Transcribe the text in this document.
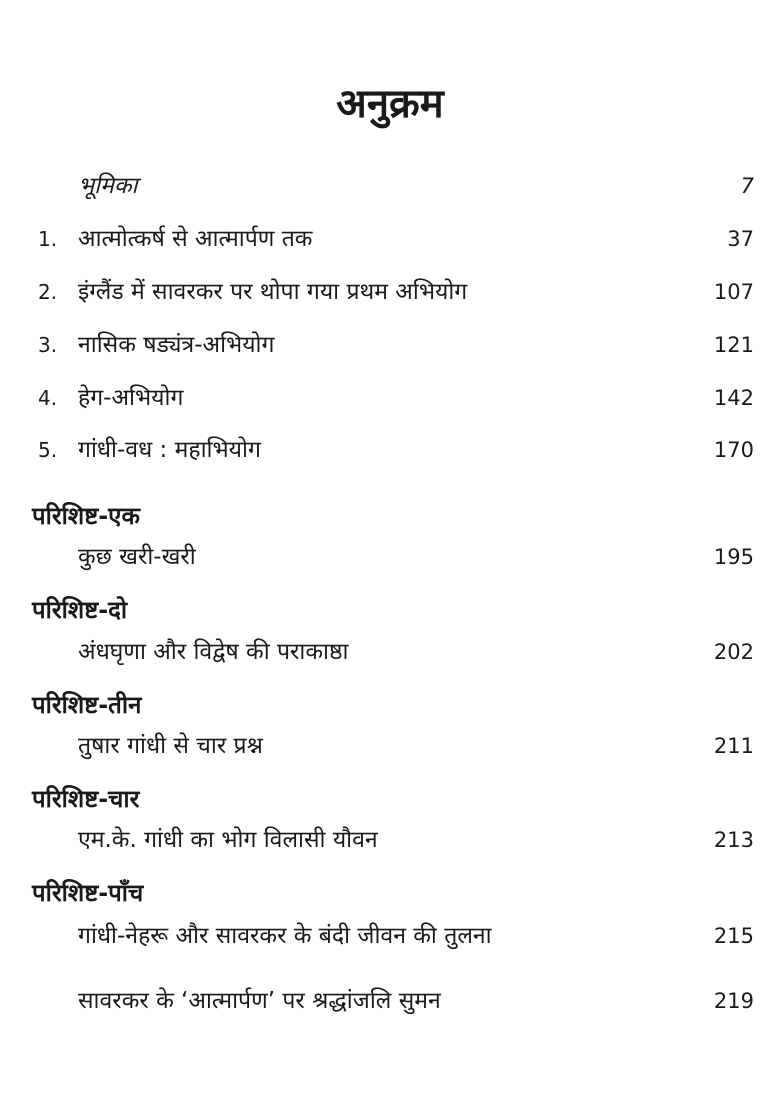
अनुक्रम
भूमिका	7
1. आत्मोत्कर्ष से आत्मार्पण तक	37
2. इंग्लैंड में सावरकर पर थोपा गया प्रथम अभियोग	107
3. नासिक षड्यंत्र-अभियोग	121
4. हेग-अभियोग	142
5. गांधी-वध : महाभियोग	170
परिशिष्ट-एक
कुछ खरी-खरी	195
परिशिष्ट-दो
अंधघृणा और विद्वेष की पराकाष्ठा	202
परिशिष्ट-तीन
तुषार गांधी से चार प्रश्न	211
परिशिष्ट-चार
एम.के. गांधी का भोग विलासी यौवन	213
परिशिष्ट-पाँच
गांधी-नेहरू और सावरकर के बंदी जीवन की तुलना	215
सावरकर के ‘आत्मार्पण’ पर श्रद्धांजलि सुमन	219
